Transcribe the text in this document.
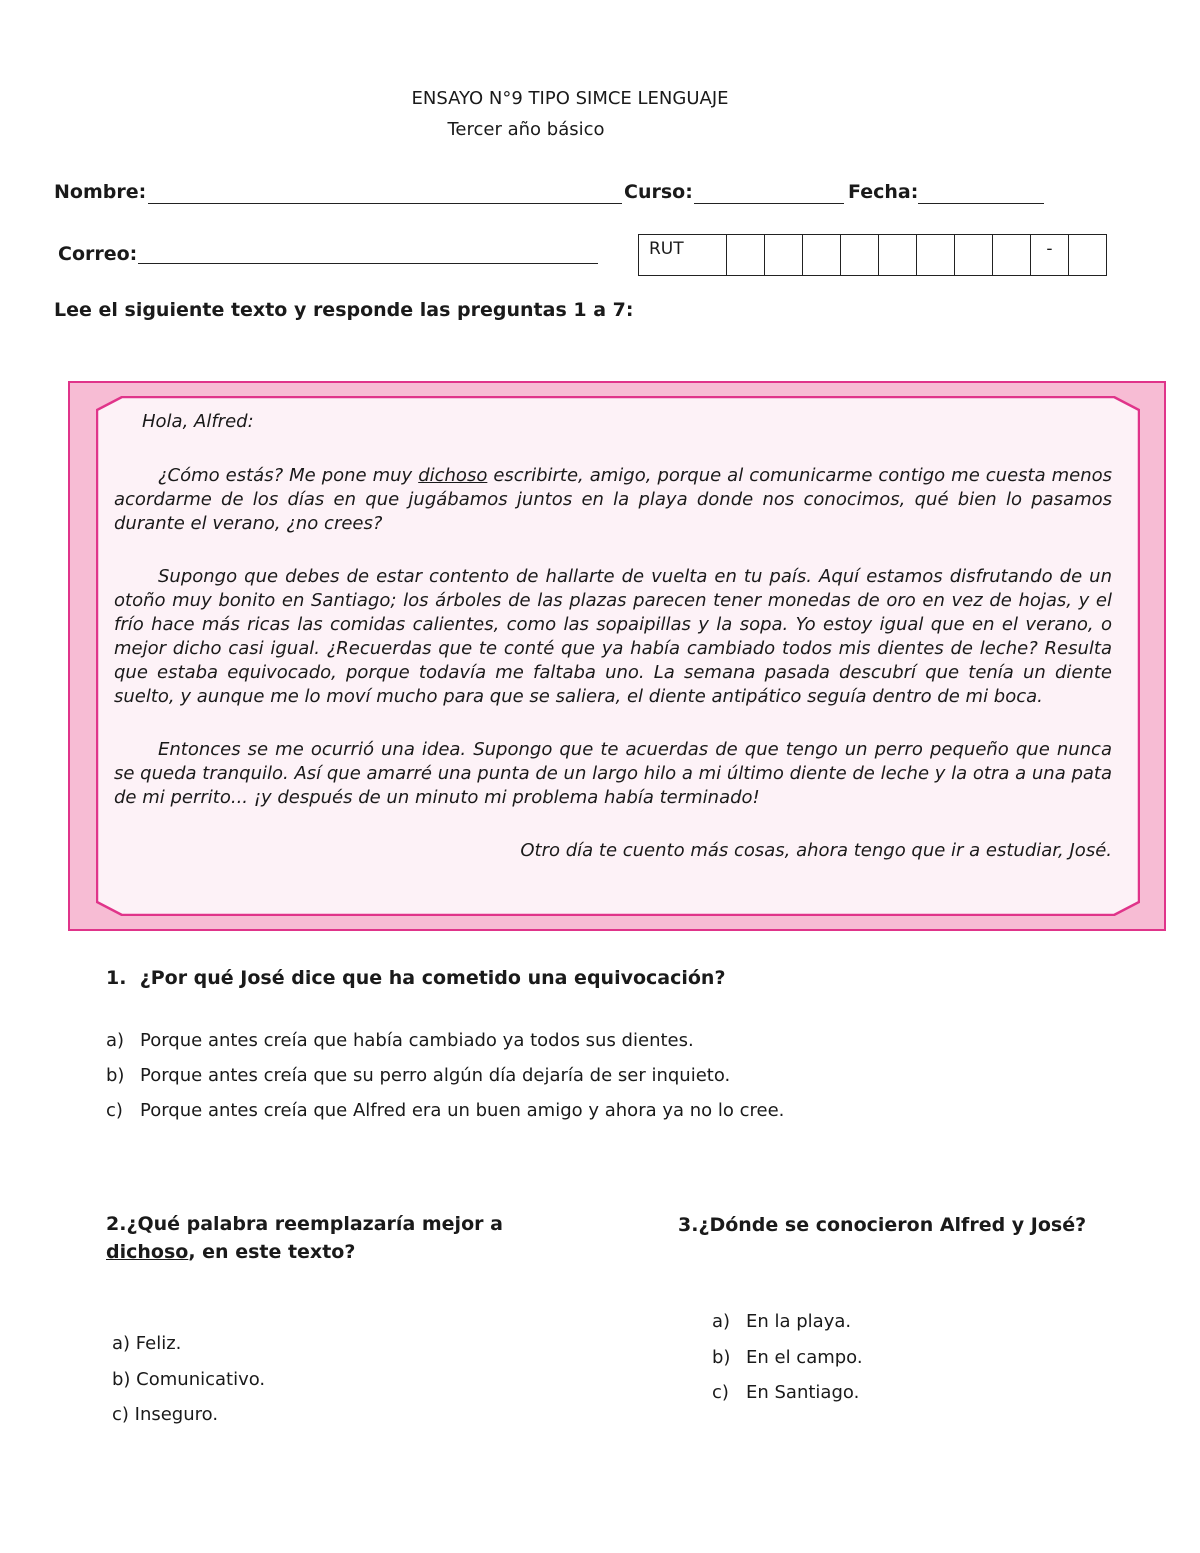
ENSAYO N°9 TIPO SIMCE LENGUAJE
Tercer año básico
Nombre:	Curso:	Fecha:
Correo:	RUT									-	
Lee el siguiente texto y responde las preguntas 1 a 7:

Hola, Alfred:

¿Cómo estás? Me pone muy dichoso escribirte, amigo, porque al comunicarme contigo me cuesta menos acordarme de los días en que jugábamos juntos en la playa donde nos conocimos, qué bien lo pasamos durante el verano, ¿no crees?

Supongo que debes de estar contento de hallarte de vuelta en tu país. Aquí estamos disfrutando de un otoño muy bonito en Santiago; los árboles de las plazas parecen tener monedas de oro en vez de hojas, y el frío hace más ricas las comidas calientes, como las sopaipillas y la sopa. Yo estoy igual que en el verano, o mejor dicho casi igual. ¿Recuerdas que te conté que ya había cambiado todos mis dientes de leche? Resulta que estaba equivocado, porque todavía me faltaba uno. La semana pasada descubrí que tenía un diente suelto, y aunque me lo moví mucho para que se saliera, el diente antipático seguía dentro de mi boca.

Entonces se me ocurrió una idea. Supongo que te acuerdas de que tengo un perro pequeño que nunca se queda tranquilo. Así que amarré una punta de un largo hilo a mi último diente de leche y la otra a una pata de mi perrito... ¡y después de un minuto mi problema había terminado!

Otro día te cuento más cosas, ahora tengo que ir a estudiar, José.

1. ¿Por qué José dice que ha cometido una equivocación?
a) Porque antes creía que había cambiado ya todos sus dientes.
b) Porque antes creía que su perro algún día dejaría de ser inquieto.
c) Porque antes creía que Alfred era un buen amigo y ahora ya no lo cree.
2.¿Qué palabra reemplazaría mejor a
dichoso, en este texto?
a) Feliz.
b) Comunicativo.
c) Inseguro.
3.¿Dónde se conocieron Alfred y José?
a) En la playa.
b) En el campo.
c) En Santiago.
